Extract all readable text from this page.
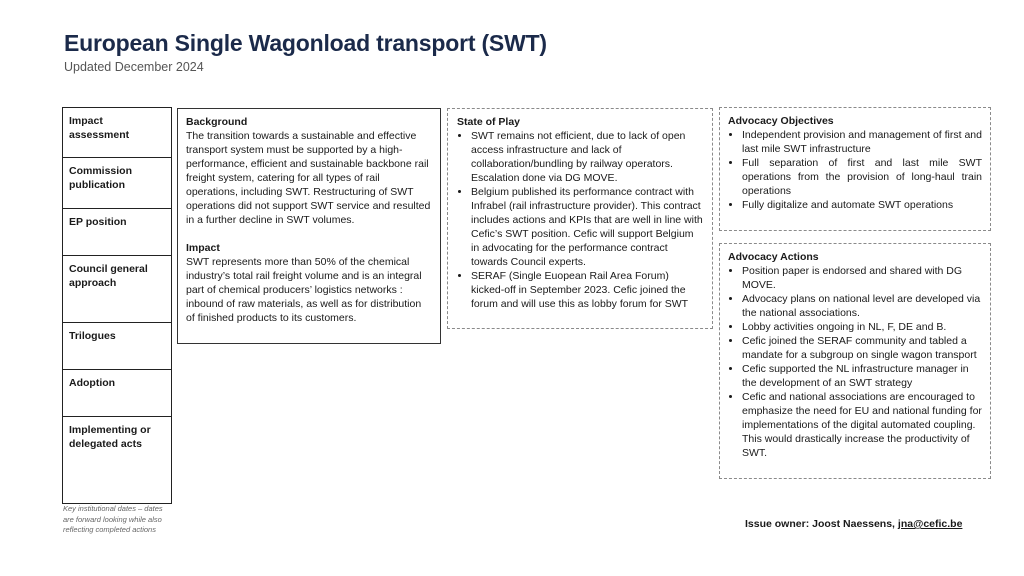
European Single Wagonload transport (SWT)
Updated December 2024
Impact assessment
Commission publication
EP position
Council general approach
Trilogues
Adoption
Implementing or delegated acts
Key institutional dates – dates are forward looking while also reflecting completed actions
Background
The transition towards a sustainable and effective transport system must be supported by a high-performance, efficient and sustainable backbone rail freight system, catering for all types of rail operations, including SWT. Restructuring of SWT operations did not support SWT service and resulted in a further decline in SWT volumes.
Impact
SWT represents more than 50% of the chemical industry’s total rail freight volume and is an integral part of chemical producers’ logistics networks : inbound of raw materials, as well as for distribution of finished products to its customers.
State of Play
• SWT remains not efficient, due to lack of open access infrastructure and lack of collaboration/bundling by railway operators. Escalation done via DG MOVE.
• Belgium published its performance contract with Infrabel (rail infrastructure provider). This contract includes actions and KPIs that are well in line with Cefic’s SWT position. Cefic will support Belgium in advocating for the performance contract towards Council experts.
• SERAF (Single Euopean Rail Area Forum) kicked-off in September 2023. Cefic joined the forum and will use this as lobby forum for SWT
Advocacy Objectives
• Independent provision and management of first and last mile SWT infrastructure
• Full separation of first and last mile SWT operations from the provision of long-haul train operations
• Fully digitalize and automate SWT operations
Advocacy Actions
• Position paper is endorsed and shared with DG MOVE.
• Advocacy plans on national level are developed via the national associations.
• Lobby activities ongoing in NL, F, DE and B.
• Cefic joined the SERAF community and tabled a mandate for a subgroup on single wagon transport
• Cefic supported the NL infrastructure manager in the development of an SWT strategy
• Cefic and national associations are encouraged to emphasize the need for EU and national funding for implementations of the digital automated coupling. This would drastically increase the productivity of SWT.
Issue owner: Joost Naessens, jna@cefic.be
